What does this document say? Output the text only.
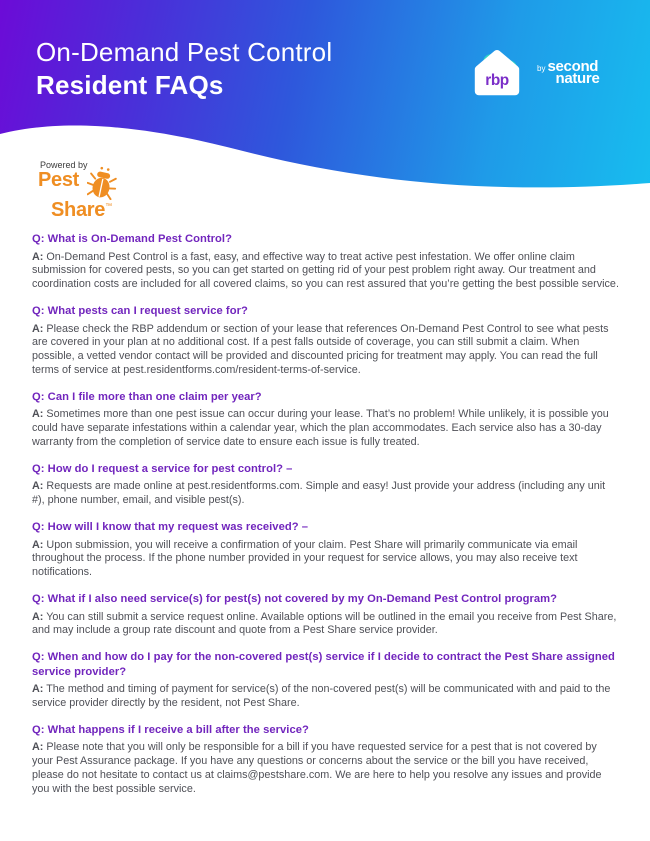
On-Demand Pest Control
Resident FAQs	rbp
by second
nature
Powered by
Pest
Share™
Q: What is On-Demand Pest Control?

A: On-Demand Pest Control is a fast, easy, and effective way to treat active pest infestation. We offer online claim submission for covered pests, so you can get started on getting rid of your pest problem right away. Our treatment and coordination costs are included for all covered claims, so you can rest assured that you’re getting the best possible service.

Q: What pests can I request service for?

A: Please check the RBP addendum or section of your lease that references On-Demand Pest Control to see what pests are covered in your plan at no additional cost. If a pest falls outside of coverage, you can still submit a claim. When possible, a vetted vendor contact will be provided and discounted pricing for treatment may apply. You can read the full terms of service at pest.residentforms.com/resident-terms-of-service.

Q: Can I file more than one claim per year?

A: Sometimes more than one pest issue can occur during your lease. That’s no problem! While unlikely, it is possible you could have separate infestations within a calendar year, which the plan accommodates. Each service also has a 30-day warranty from the completion of service date to ensure each issue is fully treated.

Q: How do I request a service for pest control? –

A: Requests are made online at pest.residentforms.com. Simple and easy! Just provide your address (including any unit #), phone number, email, and visible pest(s).

Q: How will I know that my request was received? –

A: Upon submission, you will receive a confirmation of your claim. Pest Share will primarily communicate via email throughout the process. If the phone number provided in your request for service allows, you may also receive text notifications.

Q: What if I also need service(s) for pest(s) not covered by my On-Demand Pest Control program?

A: You can still submit a service request online. Available options will be outlined in the email you receive from Pest Share, and may include a group rate discount and quote from a Pest Share service provider.

Q: When and how do I pay for the non-covered pest(s) service if I decide to contract the Pest Share assigned service provider?

A: The method and timing of payment for service(s) of the non-covered pest(s) will be communicated with and paid to the service provider directly by the resident, not Pest Share.

Q: What happens if I receive a bill after the service?

A: Please note that you will only be responsible for a bill if you have requested service for a pest that is not covered by your Pest Assurance package. If you have any questions or concerns about the service or the bill you have received, please do not hesitate to contact us at claims@pestshare.com. We are here to help you resolve any issues and provide you with the best possible service.
